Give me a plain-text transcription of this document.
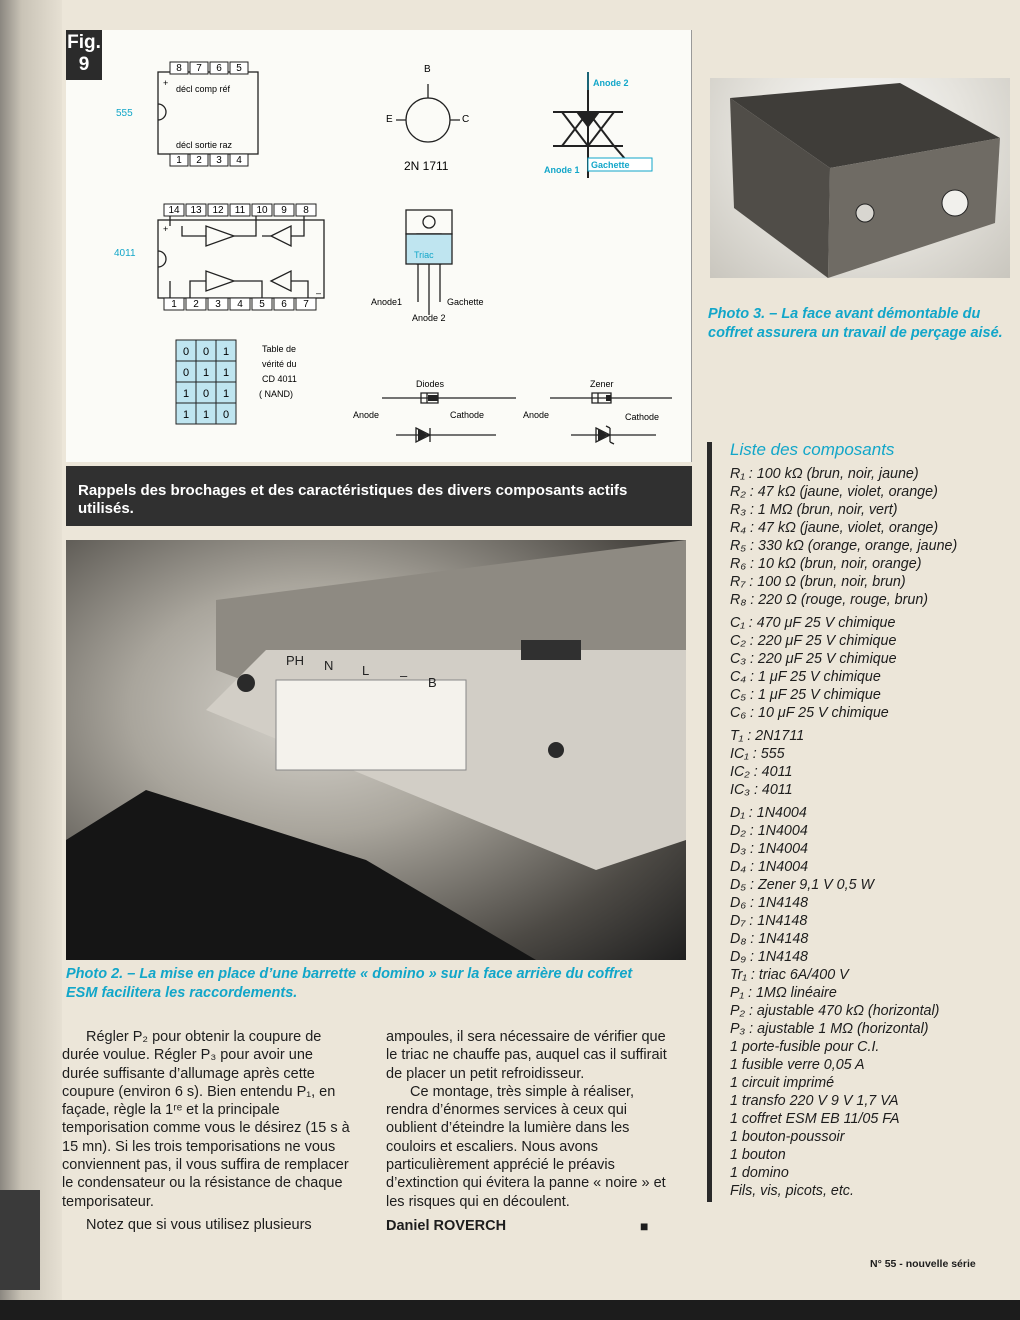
8 7 6 5
1 2 3 4
14 13 12 11 10 9 8
1 2 3 4 5 6 7
0 0 1
0 1 1
1 0 1
1 1 0
555
décl comp réf
décl sortie raz
+
4011
+
–
B
E	C
2N 1711
Anode 2
Anode 1 Gachette
Triac
Anode1	Gachette
Anode 2
Table de
vérité du
CD 4011
( NAND)
Diodes	Zener
Anode	Cathode	Anode	Cathode
Fig.
9
Rappels des brochages et des caractéristiques des divers composants actifs utilisés.
PH N L – B
Photo 2. – La mise en place d’une barrette « domino » sur la face arrière du coffret ESM facilitera les raccordements.
Photo 3. – La face avant démontable du coffret assurera un travail de perçage aisé.

Régler P₂ pour obtenir la coupure de durée voulue. Régler P₃ pour avoir une durée suffisante d’allumage après cette coupure (environ 6 s). Bien entendu P₁, en façade, règle la 1ʳᵉ et la principale temporisation comme vous le désirez (15 s à 15 mn). Si les trois temporisations ne vous conviennent pas, il vous suffira de remplacer le condensateur ou la résistance de chaque temporisateur.

Notez que si vous utilisez plusieurs

ampoules, il sera nécessaire de vérifier que le triac ne chauffe pas, auquel cas il suffirait de placer un petit refroidisseur.

Ce montage, très simple à réaliser, rendra d’énormes services à ceux qui oublient d’éteindre la lumière dans les couloirs et escaliers. Nous avons particulièrement apprécié le préavis d’extinction qui évitera la panne « noire » et les risques qui en découlent.

Daniel ROVERCH	■
Liste des composants
R₁ : 100 kΩ (brun, noir, jaune)
R₂ : 47 kΩ (jaune, violet, orange)
R₃ : 1 MΩ (brun, noir, vert)
R₄ : 47 kΩ (jaune, violet, orange)
R₅ : 330 kΩ (orange, orange, jaune)
R₆ : 10 kΩ (brun, noir, orange)
R₇ : 100 Ω (brun, noir, brun)
R₈ : 220 Ω (rouge, rouge, brun)
C₁ : 470 μF 25 V chimique
C₂ : 220 μF 25 V chimique
C₃ : 220 μF 25 V chimique
C₄ : 1 μF 25 V chimique
C₅ : 1 μF 25 V chimique
C₆ : 10 μF 25 V chimique
T₁ : 2N1711
IC₁ : 555
IC₂ : 4011
IC₃ : 4011
D₁ : 1N4004
D₂ : 1N4004
D₃ : 1N4004
D₄ : 1N4004
D₅ : Zener 9,1 V 0,5 W
D₆ : 1N4148
D₇ : 1N4148
D₈ : 1N4148
D₉ : 1N4148
Tr₁ : triac 6A/400 V
P₁ : 1MΩ linéaire
P₂ : ajustable 470 kΩ (horizontal)
P₃ : ajustable 1 MΩ (horizontal)
1 porte-fusible pour C.I.
1 fusible verre 0,05 A
1 circuit imprimé
1 transfo 220 V 9 V 1,7 VA
1 coffret ESM EB 11/05 FA
1 bouton-poussoir
1 bouton
1 domino
Fils, vis, picots, etc.
N° 55 - nouvelle série
